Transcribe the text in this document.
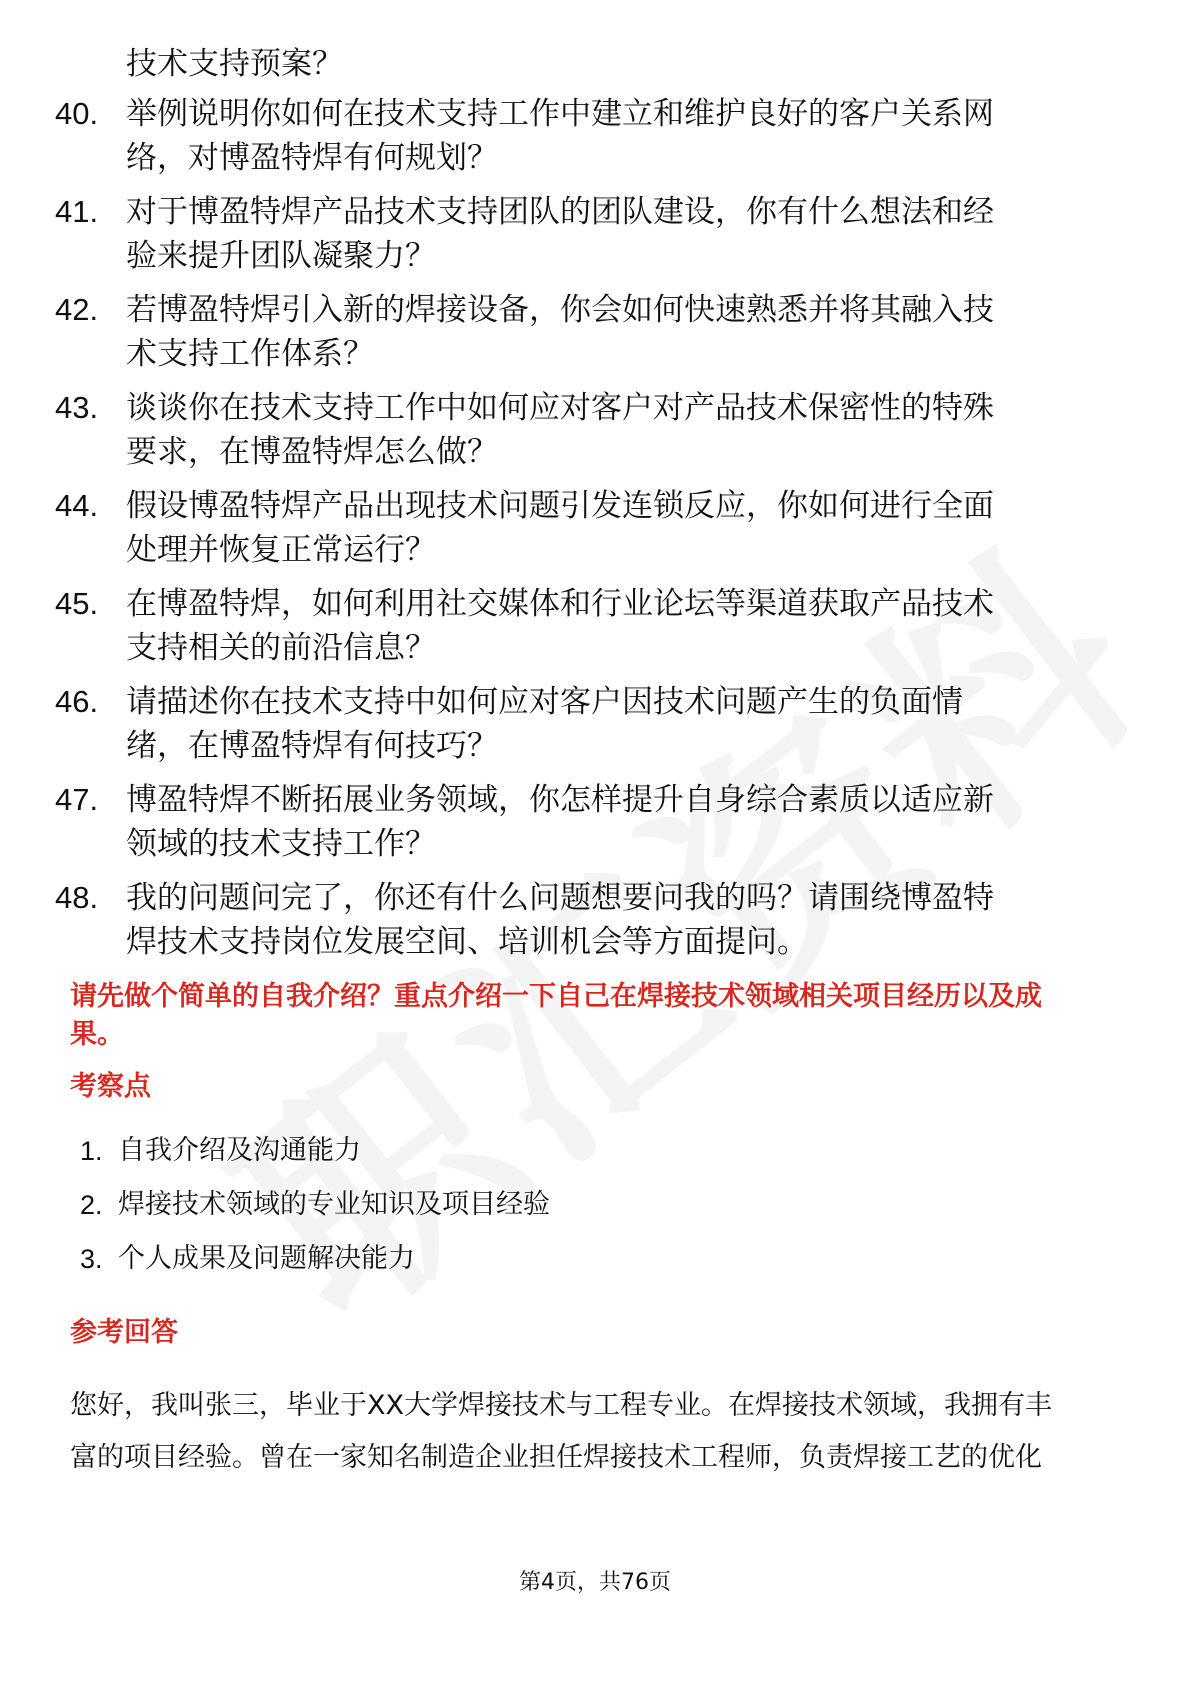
技术支持预案？
40. 举例说明你如何在技术支持工作中建立和维护良好的客户关系网
络，对博盈特焊有何规划？
41. 对于博盈特焊产品技术支持团队的团队建设，你有什么想法和经
验来提升团队凝聚力？
42. 若博盈特焊引入新的焊接设备，你会如何快速熟悉并将其融入技
术支持工作体系？
43. 谈谈你在技术支持工作中如何应对客户对产品技术保密性的特殊
要求，在博盈特焊怎么做？
44. 假设博盈特焊产品出现技术问题引发连锁反应，你如何进行全面
处理并恢复正常运行？
45. 在博盈特焊，如何利用社交媒体和行业论坛等渠道获取产品技术
支持相关的前沿信息？
46. 请描述你在技术支持中如何应对客户因技术问题产生的负面情
绪，在博盈特焊有何技巧？
47. 博盈特焊不断拓展业务领域，你怎样提升自身综合素质以适应新
领域的技术支持工作？
48. 我的问题问完了，你还有什么问题想要问我的吗？请围绕博盈特
焊技术支持岗位发展空间、培训机会等方面提问。
请先做个简单的自我介绍？重点介绍一下自己在焊接技术领域相关项目经历以及成
果。
考察点
1. 自我介绍及沟通能力
2. 焊接技术领域的专业知识及项目经验
3. 个人成果及问题解决能力
参考回答
您好，我叫张三，毕业于XX大学焊接技术与工程专业。在焊接技术领域，我拥有丰
富的项目经验。曾在一家知名制造企业担任焊接技术工程师，负责焊接工艺的优化
第4页，共76页
